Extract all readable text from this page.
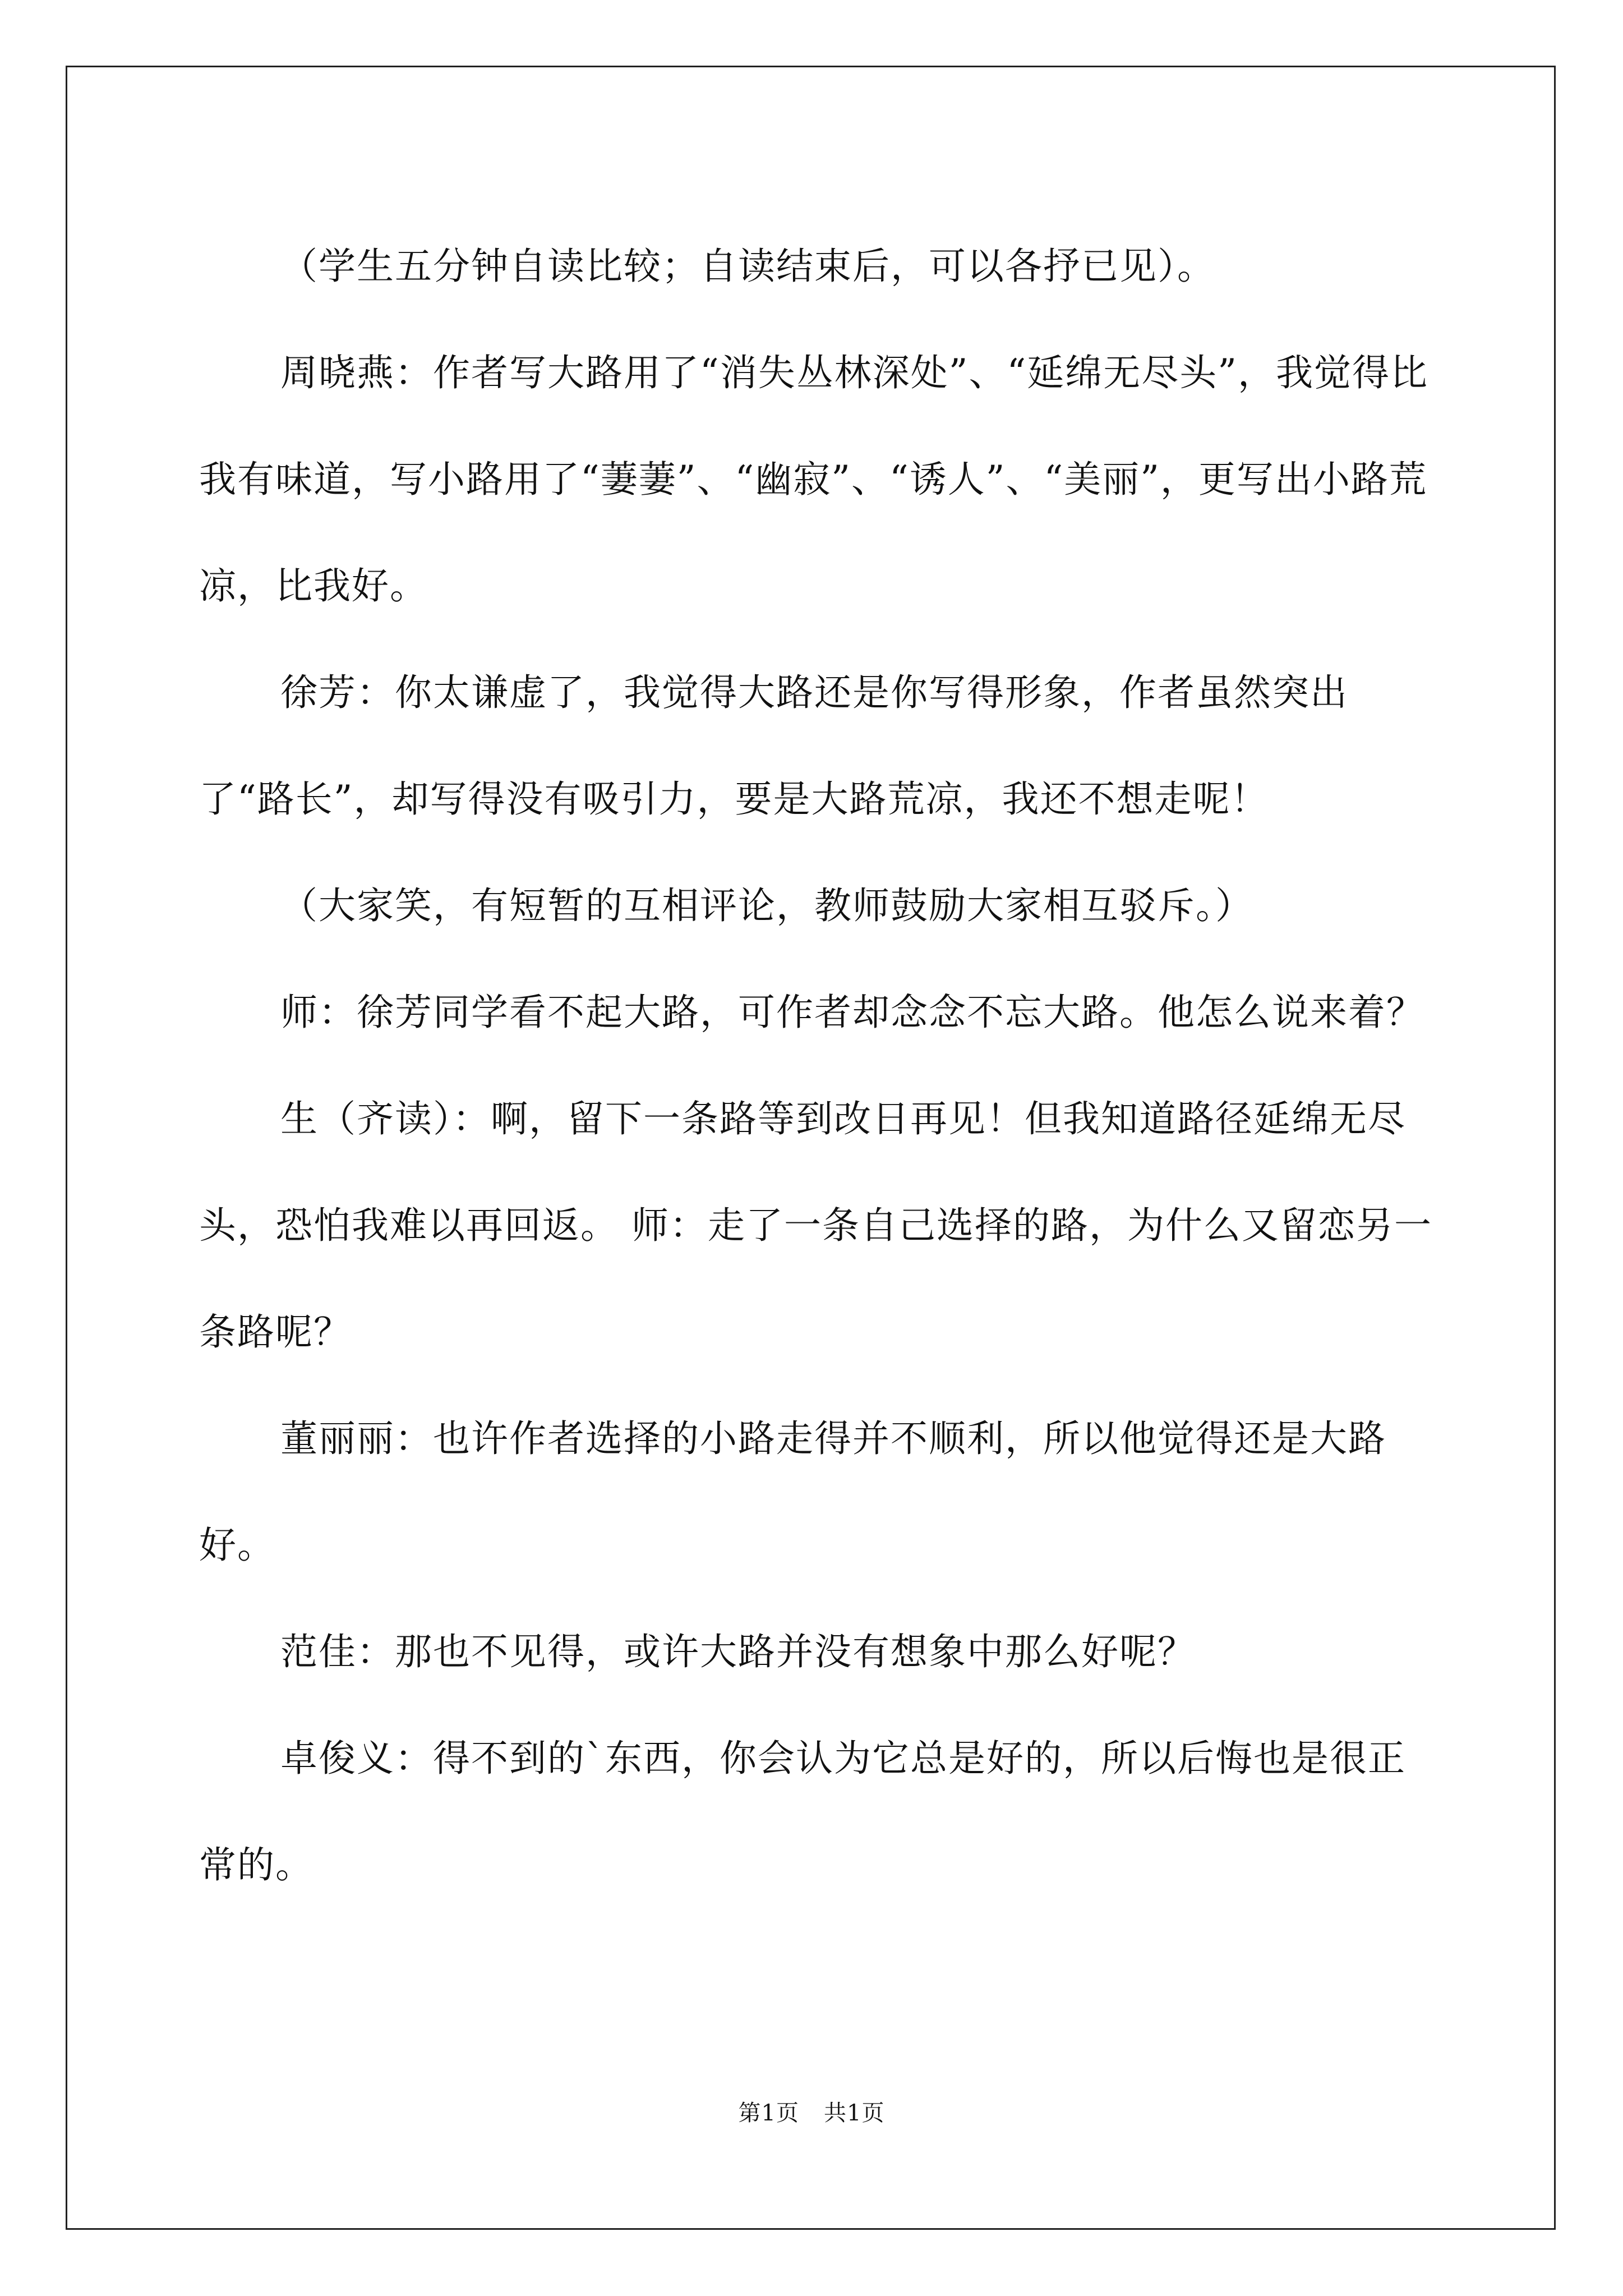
（学生五分钟自读比较；自读结束后，可以各抒已见）。

周晓燕：作者写大路用了“消失丛林深处”、“延绵无尽头”，我觉得比我有味道，写小路用了“萋萋”、“幽寂”、“诱人”、“美丽”，更写出小路荒凉，比我好。

徐芳：你太谦虚了，我觉得大路还是你写得形象，作者虽然突出了“路长”，却写得没有吸引力，要是大路荒凉，我还不想走呢！

（大家笑，有短暂的互相评论，教师鼓励大家相互驳斥。）

师：徐芳同学看不起大路，可作者却念念不忘大路。他怎么说来着？

生（齐读）：啊，留下一条路等到改日再见！但我知道路径延绵无尽头，恐怕我难以再回返。 师：走了一条自己选择的路，为什么又留恋另一条路呢？

董丽丽：也许作者选择的小路走得并不顺利，所以他觉得还是大路好。

范佳：那也不见得，或许大路并没有想象中那么好呢？

卓俊义：得不到的`东西，你会认为它总是好的，所以后悔也是很正常的。

第1页 共1页
